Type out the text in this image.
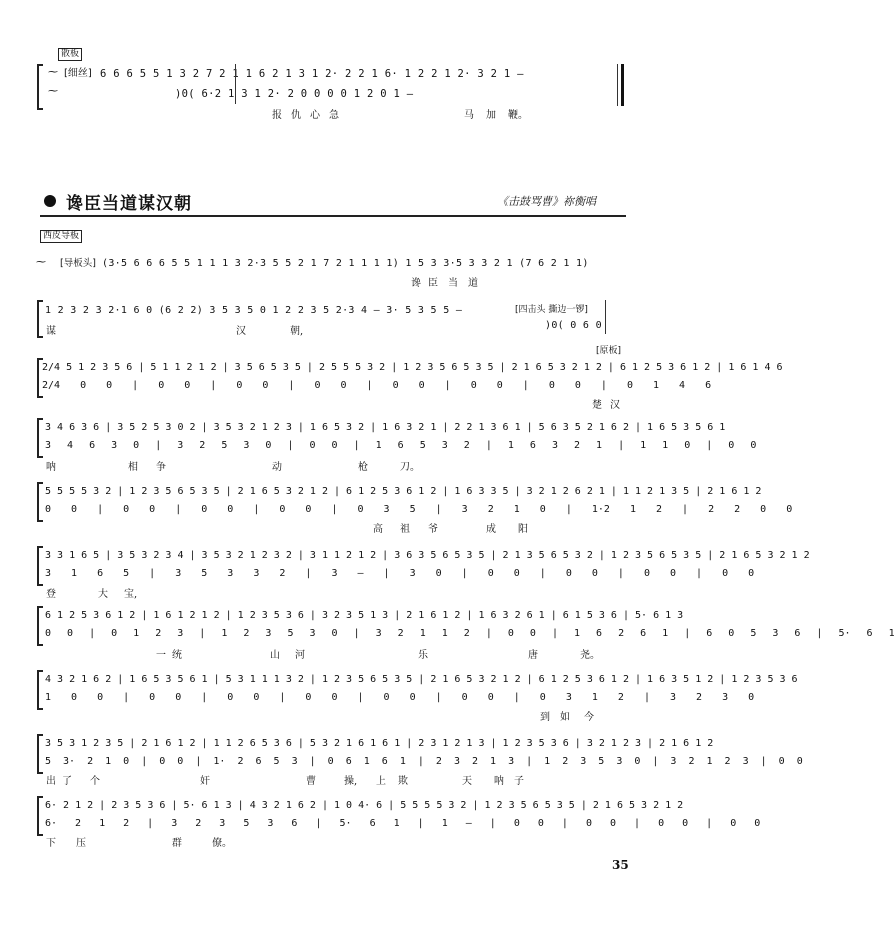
散板
⁓
⁓
[细丝] 6 6 6 5 5 1 3 2 7 2 1 1 6 2 1 3 1 2· 2 2 1 6· 1 2 2 1 2· 3 2 1 –
)0( 6·2 1 3 1 2· 2 0 0 0 0 1 2 0 1 –
报 仇 心 急	马 加 鞭。
谗臣当道谋汉朝	《击鼓骂曹》祢衡唱
西皮导板
⁓ [导板头] (3·5 6 6 6 5 5 1 1 1 3 2·3 5 5 2 1 7 2 1 1 1 1) 1 5 3 3·5 3 3 2 1 (7 6 2 1 1)
谗 臣 当 道
1 2 3 2 3 2·1 6 0 (6 2 2) 3 5 3 5 0 1 2 2 3 5 2·3 4 – 3· 5 3 5 5 –	[四击头 撕边一锣]
)0( 0 6 0
谋	汉	朝,
[原板]
2/4 5 1 2 3 5 6 | 5 1 1 2 1 2 | 3 5 6 5 3 5 | 2 5 5 5 3 2 | 1 2 3 5 6 5 3 5 | 2 1 6 5 3 2 1 2 | 6 1 2 5 3 6 1 2 | 1 6 1 4 6
2/4 0 0 | 0 0 | 0 0 | 0 0 | 0 0 | 0 0 | 0 0 | 0 1 4 6
楚 汉
3 4 6 3 6 | 3 5 2 5 3 0 2 | 3 5 3 2 1 2 3 | 1 6 5 3 2 | 1 6 3 2 1 | 2 2 1 3 6 1 | 5 6 3 5 2 1 6 2 | 1 6 5 3 5 6 1
3 4 6 3 0 | 3 2 5 3 0 | 0 0 | 1 6 5 3 2 | 1 6 3 2 1 | 1 1 0 | 0 0
呐	相 争	动	枪	刀。
5 5 5 5 3 2 | 1 2 3 5 6 5 3 5 | 2 1 6 5 3 2 1 2 | 6 1 2 5 3 6 1 2 | 1 6 3 3 5 | 3 2 1 2 6 2 1 | 1 1 2 1 3 5 | 2 1 6 1 2
0 0 | 0 0 | 0 0 | 0 0 | 0 3 5 | 3 2 1 0 | 1·2 1 2 | 2 2 0 0
高 祖 爷	成 阳
3 3 1 6 5 | 3 5 3 2 3 4 | 3 5 3 2 1 2 3 2 | 3 1 1 2 1 2 | 3 6 3 5 6 5 3 5 | 2 1 3 5 6 5 3 2 | 1 2 3 5 6 5 3 5 | 2 1 6 5 3 2 1 2
3 1 6 5 | 3 5 3 3 2 | 3 – | 3 0 | 0 0 | 0 0 | 0 0 | 0 0
登	大 宝,
6 1 2 5 3 6 1 2 | 1 6 1 2 1 2 | 1 2 3 5 3 6 | 3 2 3 5 1 3 | 2 1 6 1 2 | 1 6 3 2 6 1 | 6 1 5 3 6 | 5· 6 1 3
0 0 | 0 1 2 3 | 1 2 3 5 3 0 | 3 2 1 1 2 | 0 0 | 1 6 2 6 1 | 6 0 5 3 6 | 5· 6 1
一 统	山 河	乐	唐	尧。
4 3 2 1 6 2 | 1 6 5 3 5 6 1 | 5 3 1 1 1 3 2 | 1 2 3 5 6 5 3 5 | 2 1 6 5 3 2 1 2 | 6 1 2 5 3 6 1 2 | 1 6 3 5 1 2 | 1 2 3 5 3 6
1 0 0 | 0 0 | 0 0 | 0 0 | 0 0 | 0 0 | 0 3 1 2 | 3 2 3 0
到 如 今
3 5 3 1 2 3 5 | 2 1 6 1 2 | 1 1 2 6 5 3 6 | 5 3 2 1 6 1 6 1 | 2 3 1 2 1 3 | 1 2 3 5 3 6 | 3 2 1 2 3 | 2 1 6 1 2
5 3· 2 1 0 | 0 0 | 1· 2 6 5 3 | 0 6 1 6 1 | 2 3 2 1 3 | 1 2 3 5 3 0 | 3 2 1 2 3 | 0 0
出 了 个	奸	曹	操, 上 欺	天 呐 子
6· 2 1 2 | 2 3 5 3 6 | 5· 6 1 3 | 4 3 2 1 6 2 | 1 0 4· 6 | 5 5 5 5 3 2 | 1 2 3 5 6 5 3 5 | 2 1 6 5 3 2 1 2
6· 2 1 2 | 3 2 3 5 3 6 | 5· 6 1 | 1 – | 0 0 | 0 0 | 0 0 | 0 0
下 压	群	僚。
35
